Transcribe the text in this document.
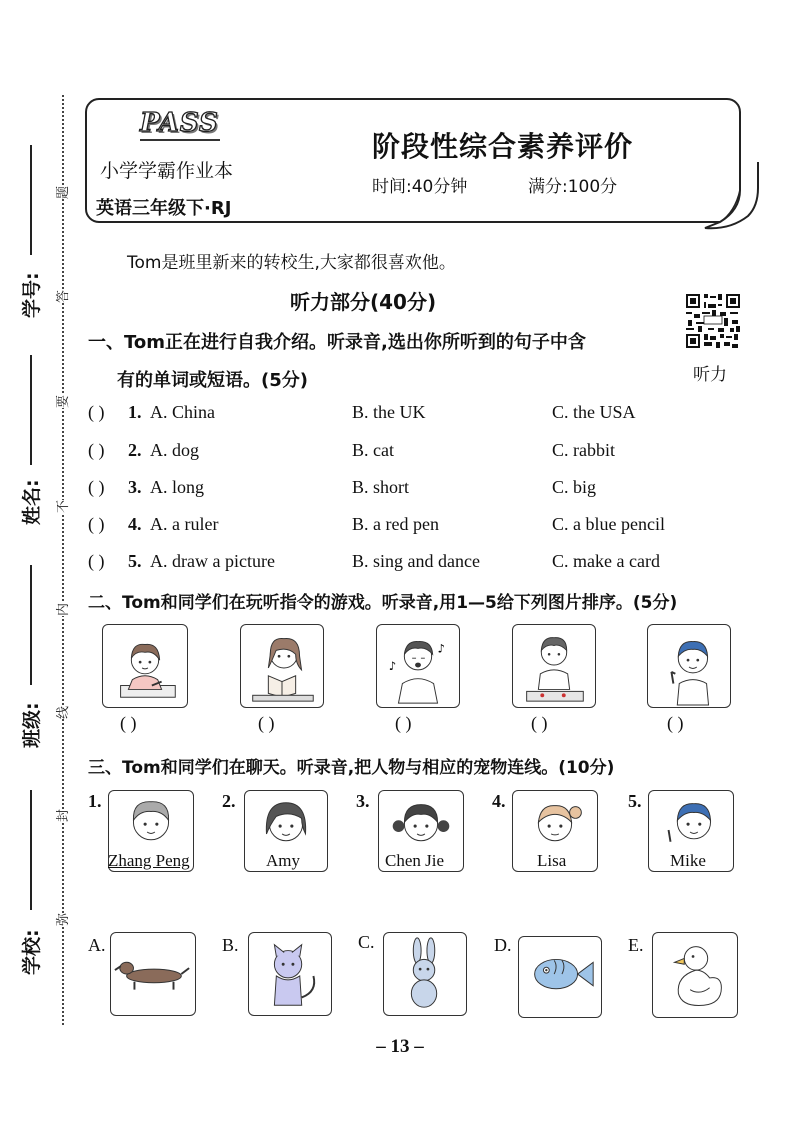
PASS
小学学霸作业本
英语三年级下·RJ
阶段性综合素养评价
时间:40分钟	满分:100分
学号:
姓名:
班级:
学校:
题
答
要
不
内
线
封
弥
Tom是班里新来的转校生,大家都很喜欢他。
听力部分(40分)
听力
一、Tom正在进行自我介绍。听录音,选出你所听到的句子中含
有的单词或短语。(5分)
( ) 1. A. China	B. the UK	C. the USA
( ) 2. A. dog	B. cat	C. rabbit
( ) 3. A. long	B. short	C. big
( ) 4. A. a ruler	B. a red pen	C. a blue pencil
( ) 5. A. draw a picture	B. sing and dance	C. make a card
二、Tom和同学们在玩听指令的游戏。听录音,用1—5给下列图片排序。(5分)
( )	( )
♪
♪
( )	( )	( )
三、Tom和同学们在聊天。听录音,把人物与相应的宠物连线。(10分)
1.
Zhang Peng
2.
Amy
3.
Chen Jie
4.
Lisa
5.
Mike
A.	B.	C.	D.	E.
– 13 –
